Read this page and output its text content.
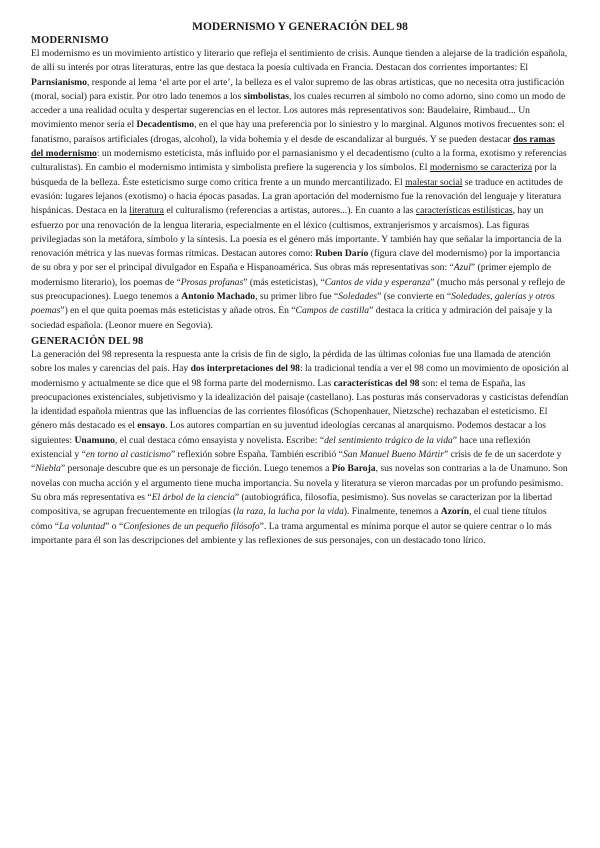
MODERNISMO Y GENERACIÓN DEL 98
MODERNISMO

El modernismo es un movimiento artístico y literario que refleja el sentimiento de crisis. Aunque tienden a alejarse de la tradición española, de allí su interés por otras literaturas, entre las que destaca la poesía cultivada en Francia. Destacan dos corrientes importantes: El Parnsianismo, responde al lema ‘el arte por el arte’, la belleza es el valor supremo de las obras artísticas, que no necesita otra justificación (moral, social) para existir. Por otro lado tenemos a los simbolistas, los cuales recurren al símbolo no como adorno, sino como un modo de acceder a una realidad oculta y despertar sugerencias en el lector. Los autores más representativos son: Baudelaire, Rimbaud... Un movimiento menor sería el Decadentismo, en el que hay una preferencia por lo siniestro y lo marginal. Algunos motivos frecuentes son: el fanatismo, paraísos artificiales (drogas, alcohol), la vida bohemia y el desde de escandalizar al burgués. Y se pueden destacar dos ramas del modernismo: un modernismo esteticista, más influido por el parnasianismo y el decadentismo (culto a la forma, exotismo y referencias culturalistas). En cambio el modernismo intimista y simbolista prefiere la sugerencia y los símbolos. El modernismo se caracteriza por la búsqueda de la belleza. Éste esteticismo surge como crítica frente a un mundo mercantilizado. El malestar social se traduce en actitudes de evasión: lugares lejanos (exotismo) o hacia épocas pasadas. La gran aportación del modernismo fue la renovación del lenguaje y literatura hispánicas. Destaca en la literatura el culturalismo (referencias a artistas, autores...). En cuanto a las características estilísticas, hay un esfuerzo por una renovación de la lengua literaria, especialmente en el léxico (cultismos, extranjerismos y arcaísmos). Las figuras privilegiadas son la metáfora, símbolo y la síntesis. La poesía es el género más importante. Y también hay que señalar la importancia de la renovación métrica y las nuevas formas rítmicas. Destacan autores como: Ruben Darío (figura clave del modernismo) por la importancia de su obra y por ser el principal divulgador en España e Hispanoamérica. Sus obras más representativas son: “Azul” (primer ejemplo de modernismo literario), los poemas de “Prosas profanas” (más esteticistas), “Cantos de vida y esperanza” (mucho más personal y reflejo de sus preocupaciones). Luego tenemos a Antonio Machado, su primer libro fue “Soledades” (se convierte en “Soledades, galerías y otros poemas”) en el que quita poemas más esteticistas y añade otros. En “Campos de castilla” destaca la crítica y admiración del paisaje y la sociedad española. (Leonor muere en Segovia).

GENERACIÓN DEL 98

La generación del 98 representa la respuesta ante la crisis de fin de siglo, la pérdida de las últimas colonias fue una llamada de atención sobre los males y carencias del país. Hay dos interpretaciones del 98: la tradicional tendía a ver el 98 como un movimiento de oposición al modernismo y actualmente se dice que el 98 forma parte del modernismo. Las características del 98 son: el tema de España, las preocupaciones existenciales, subjetivismo y la idealización del paisaje (castellano). Las posturas más conservadoras y casticistas defendían la identidad española mientras que las influencias de las corrientes filosóficas (Schopenhauer, Nietzsche) rechazaban el esteticismo. El género más destacado es el ensayo. Los autores compartían en su juventud ideologías cercanas al anarquismo. Podemos destacar a los siguientes: Unamuno, el cual destaca cómo ensayista y novelista. Escribe: “del sentimiento trágico de la vida” hace una reflexión existencial y “en torno al casticismo” reflexión sobre España. También escribió “San Manuel Bueno Mártir” crisis de fe de un sacerdote y “Niebla” personaje descubre que es un personaje de ficción. Luego tenemos a Pío Baroja, sus novelas son contrarias a la de Unamuno. Son novelas con mucha acción y el argumento tiene mucha importancia. Su novela y literatura se vieron marcadas por un profundo pesimismo. Su obra más representativa es “El árbol de la ciencia” (autobiográfica, filosofía, pesimismo). Sus novelas se caracterizan por la libertad compositiva, se agrupan frecuentemente en trilogías (la raza, la lucha por la vida). Finalmente, tenemos a Azorín, el cual tiene títulos cómo “La voluntad” o “Confesiones de un pequeño filósofo”. La trama argumental es mínima porque el autor se quiere centrar o lo más importante para él son las descripciones del ambiente y las reflexiones de sus personajes, con un destacado tono lírico.
